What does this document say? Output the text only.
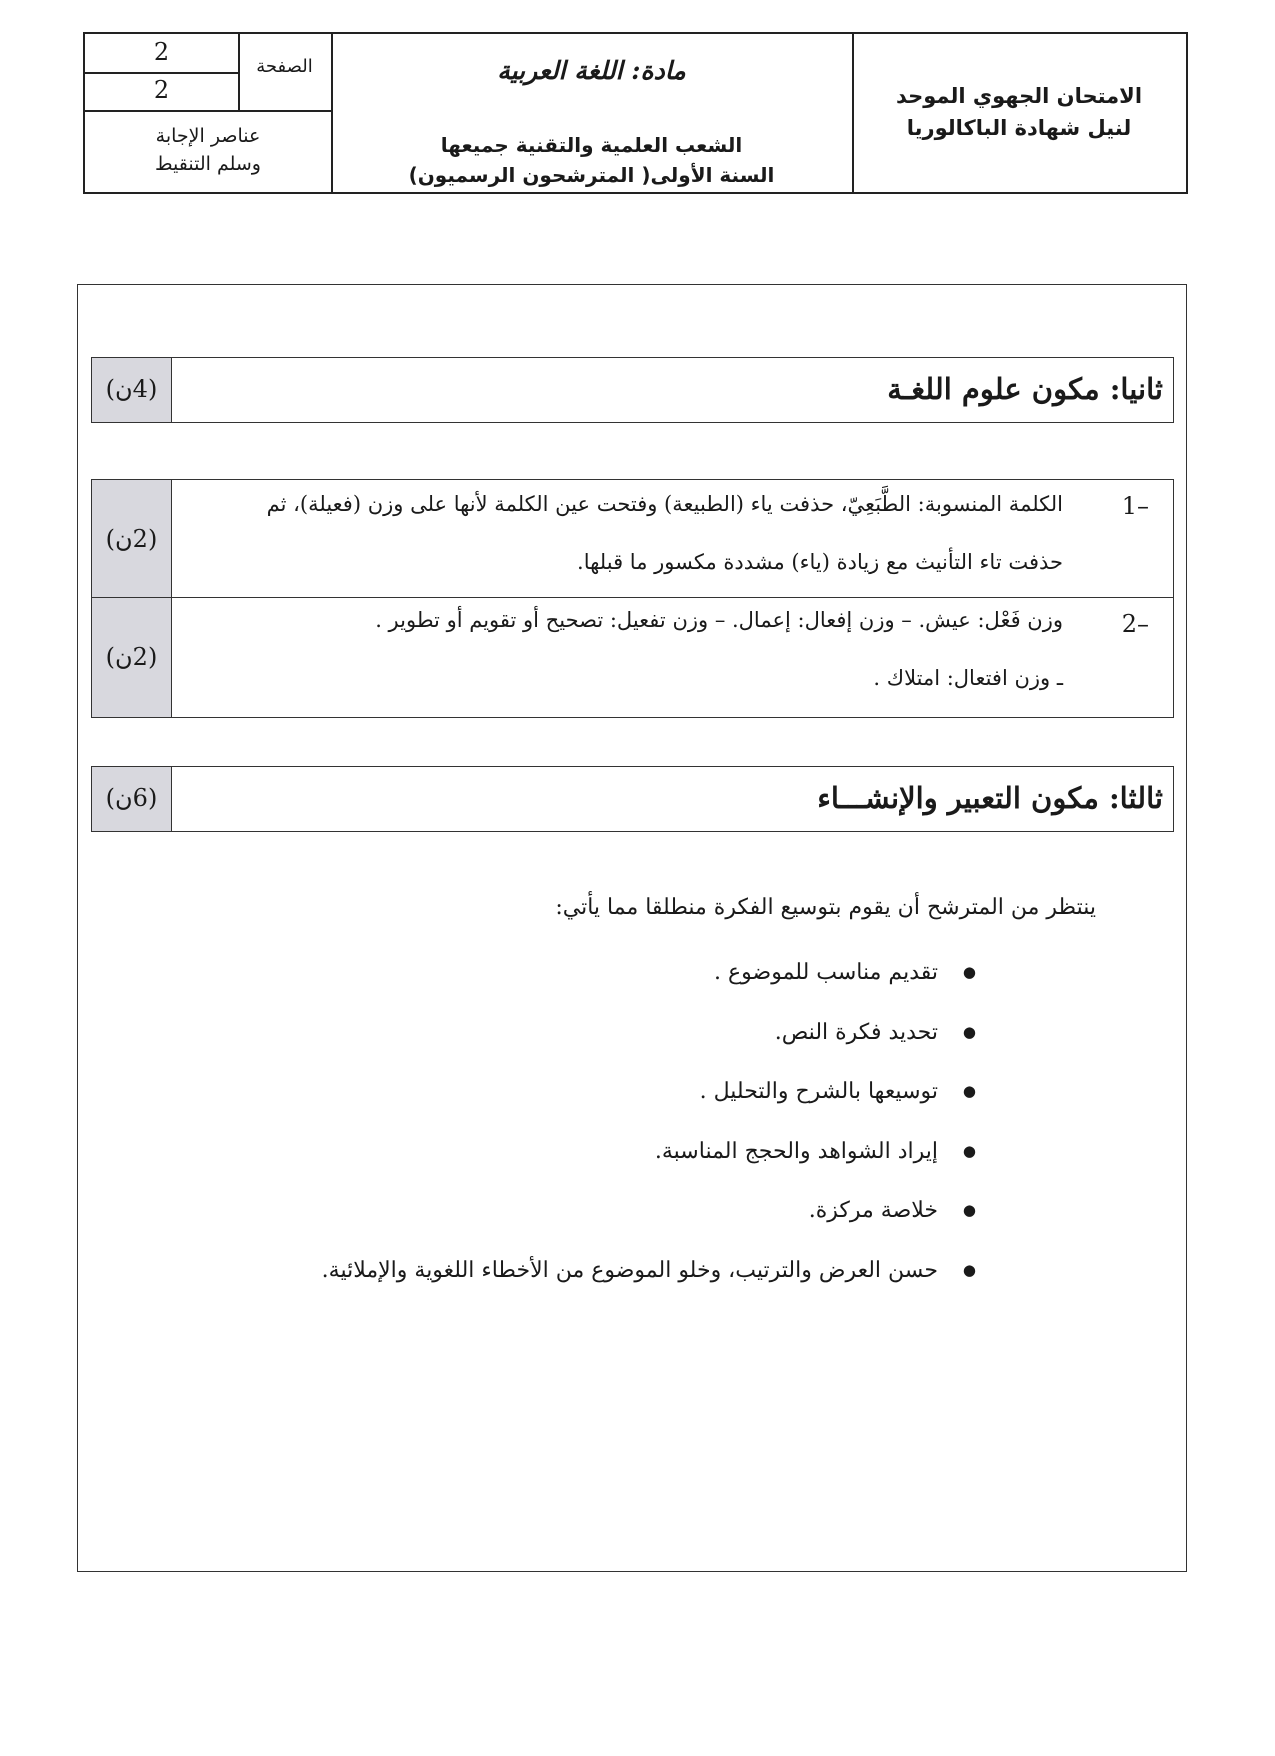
2
2
الصفحة
عناصر الإجابة
وسلم التنقيط
مادة: اللغة العربية
الشعب العلمية والتقنية جميعها
السنة الأولى( المترشحون الرسميون)
الامتحان الجهوي الموحد
لنيل شهادة الباكالوريا
(4ن)	ثانيا: مكون علوم اللغـة
(2ن)
1–
الكلمة المنسوبة: الطَّبَعِيّ، حذفت ياء (الطبيعة) وفتحت عين الكلمة لأنها على وزن (فعيلة)، ثم
حذفت تاء التأنيث مع زيادة (ياء) مشددة مكسور ما قبلها.
(2ن)
2–
وزن فَعْل: عيش. – وزن إفعال: إعمال. – وزن تفعيل: تصحيح أو تقويم أو تطوير .
ـ وزن افتعال: امتلاك .
(6ن)	ثالثا: مكون التعبير والإنشـــاء
ينتظر من المترشح أن يقوم بتوسيع الفكرة منطلقا مما يأتي:
● تقديم مناسب للموضوع .
● تحديد فكرة النص.
● توسيعها بالشرح والتحليل .
● إيراد الشواهد والحجج المناسبة.
● خلاصة مركزة.
● حسن العرض والترتيب، وخلو الموضوع من الأخطاء اللغوية والإملائية.
